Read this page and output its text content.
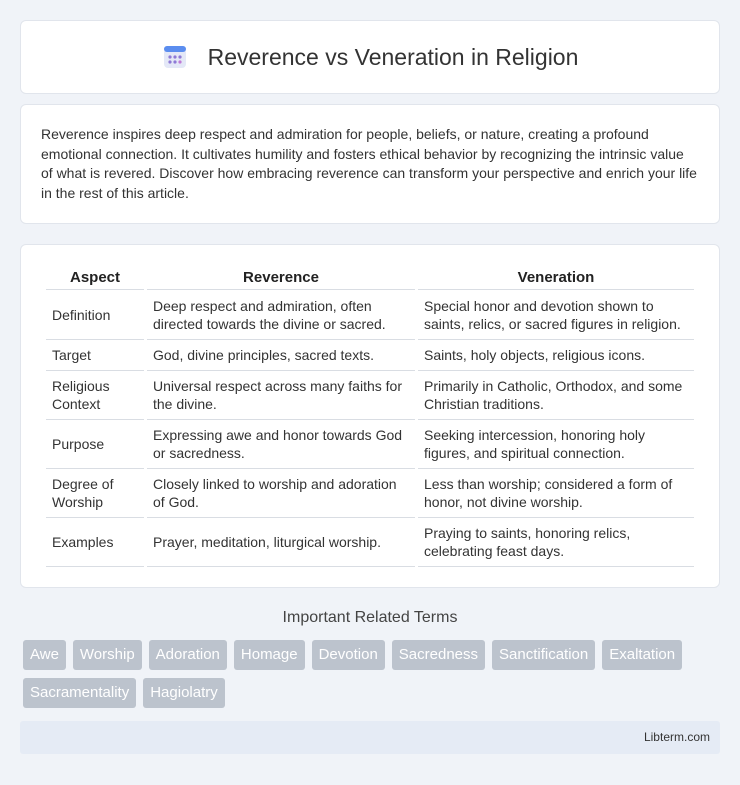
Reverence vs Veneration in Religion

Reverence inspires deep respect and admiration for people, beliefs, or nature, creating a profound emotional connection. It cultivates humility and fosters ethical behavior by recognizing the intrinsic value of what is revered. Discover how embracing reverence can transform your perspective and enrich your life in the rest of this article.

Aspect	Reverence	Veneration
Definition	Deep respect and admiration, often directed towards the divine or sacred.	Special honor and devotion shown to saints, relics, or sacred figures in religion.
Target	God, divine principles, sacred texts.	Saints, holy objects, religious icons.
Religious Context	Universal respect across many faiths for the divine.	Primarily in Catholic, Orthodox, and some Christian traditions.
Purpose	Expressing awe and honor towards God or sacredness.	Seeking intercession, honoring holy figures, and spiritual connection.
Degree of Worship	Closely linked to worship and adoration of God.	Less than worship; considered a form of honor, not divine worship.
Examples	Prayer, meditation, liturgical worship.	Praying to saints, honoring relics, celebrating feast days.
Important Related Terms
Awe	Worship	Adoration	Homage	Devotion	Sacredness	Sanctification	Exaltation
Sacramentality	Hagiolatry
Libterm.com
